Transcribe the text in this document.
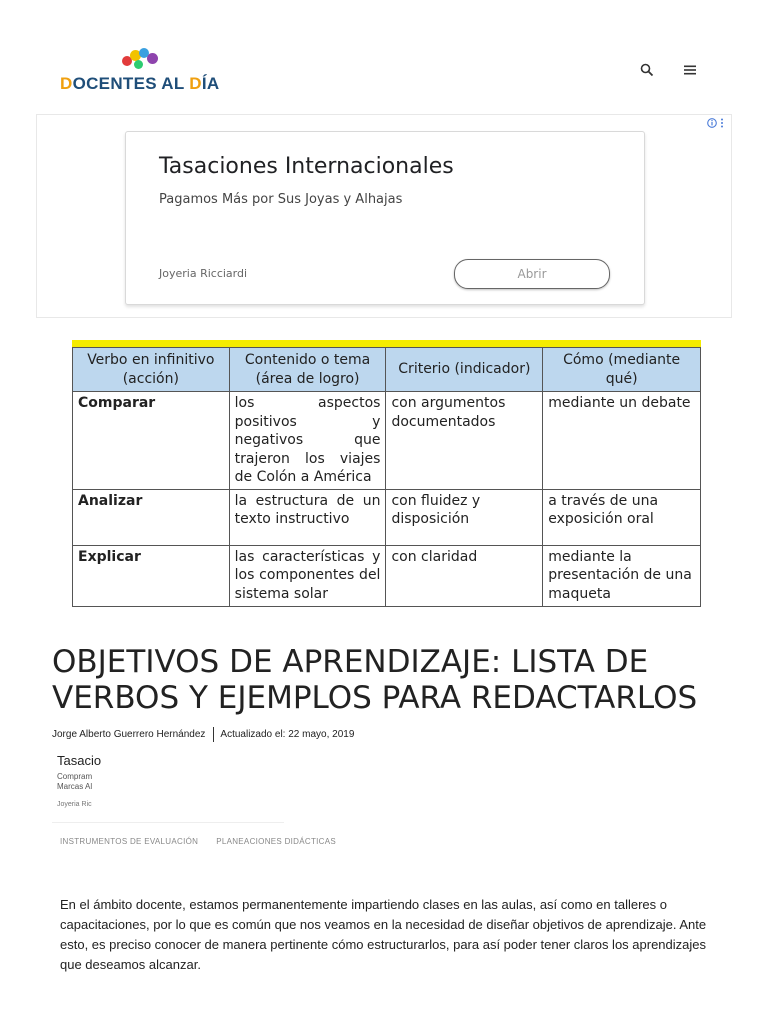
DOCENTES AL DÍA
Tasaciones Internacionales
Pagamos Más por Sus Joyas y Alhajas
Joyeria Ricciardi	Abrir
Verbo en infinitivo (acción)	Contenido o tema (área de logro)	Criterio (indicador)	Cómo (mediante qué)
Comparar	los aspectos positivos y negativos que trajeron los viajes de Colón a América	con argumentos documentados	mediante un debate
Analizar	la estructura de un texto instructivo	con fluidez y disposición	a través de una exposición oral
Explicar	las características y los componentes del sistema solar	con claridad	mediante la presentación de una maqueta
OBJETIVOS DE APRENDIZAJE: LISTA DE VERBOS Y EJEMPLOS PARA REDACTARLOS
Jorge Alberto Guerrero Hernández Actualizado el: 22 mayo, 2019
Tasacio
Compram
Marcas Al
Joyeria Ric
INSTRUMENTOS DE EVALUACIÓN PLANEACIONES DIDÁCTICAS

En el ámbito docente, estamos permanentemente impartiendo clases en las aulas, así como en talleres o capacitaciones, por lo que es común que nos veamos en la necesidad de diseñar objetivos de aprendizaje. Ante esto, es preciso conocer de manera pertinente cómo estructurarlos, para así poder tener claros los aprendizajes que deseamos alcanzar.
